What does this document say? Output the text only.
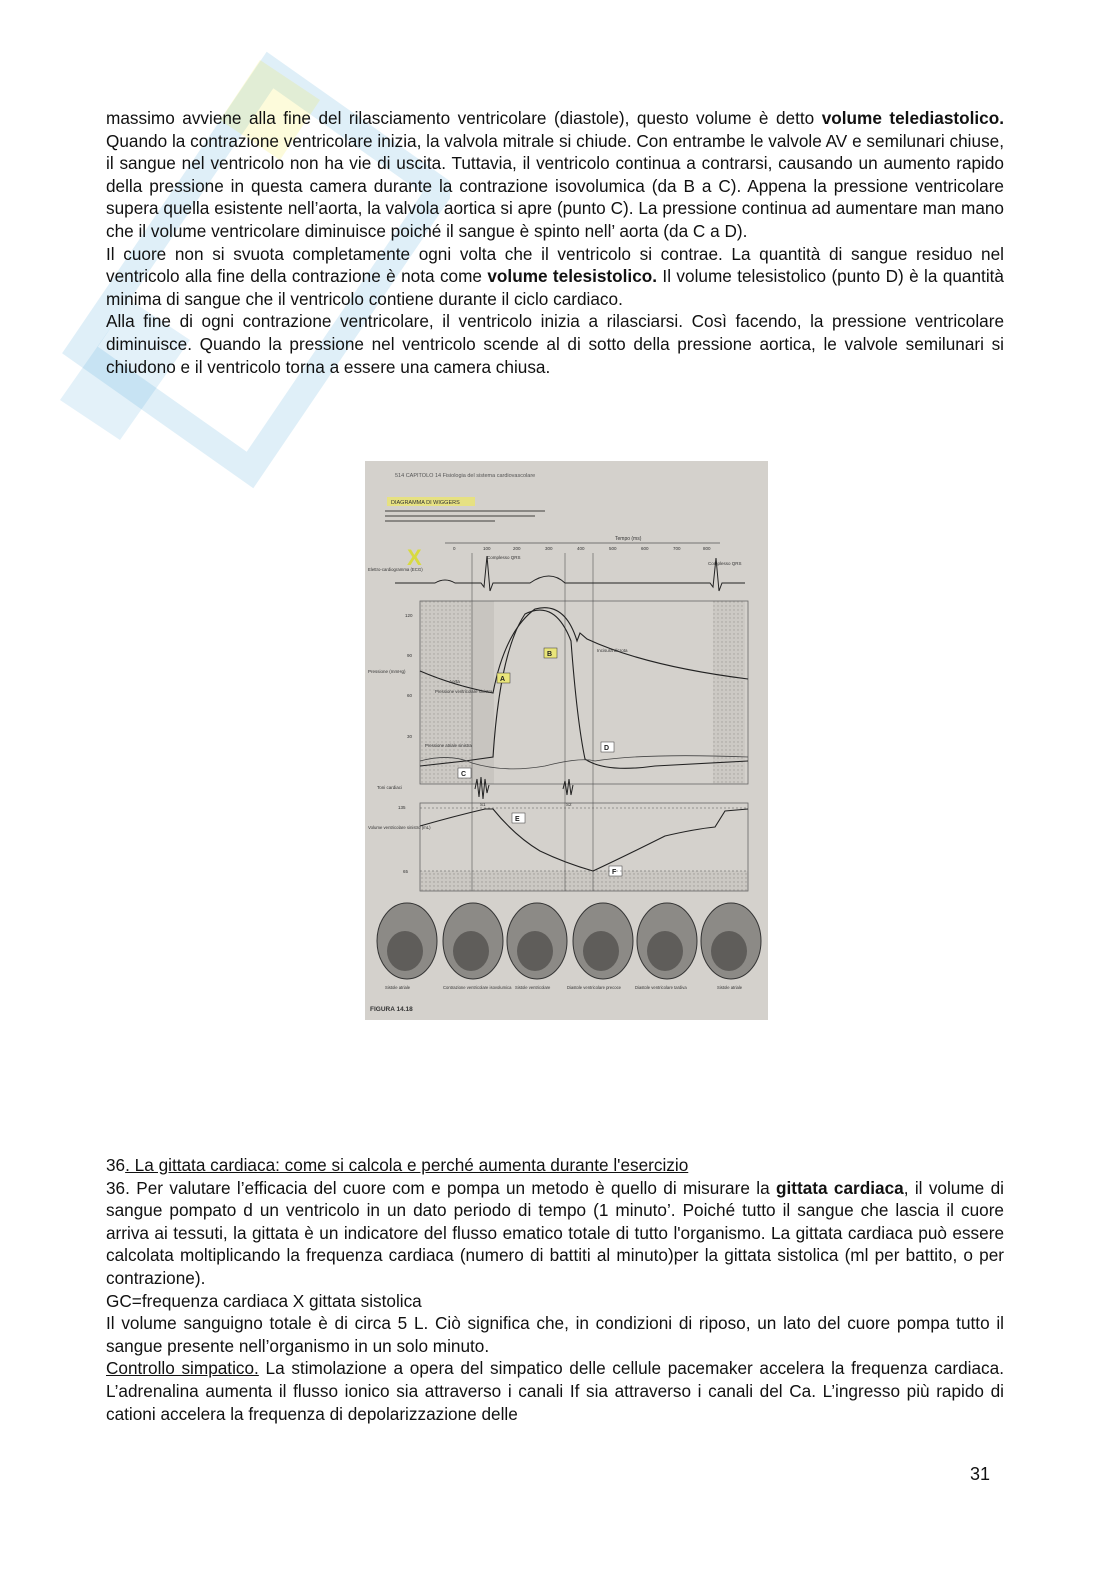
massimo avviene alla fine del rilasciamento ventricolare (diastole), questo volume è detto volume telediastolico. Quando la contrazione ventricolare inizia, la valvola mitrale si chiude. Con entrambe le valvole AV e semilunari chiuse, il sangue nel ventricolo non ha vie di uscita. Tuttavia, il ventricolo continua a contrarsi, causando un aumento rapido della pressione in questa camera durante la contrazione isovolumica (da B a C). Appena la pressione ventricolare supera quella esistente nell’aorta, la valvola aortica si apre (punto C). La pressione continua ad aumentare man mano che il volume ventricolare diminuisce poiché il sangue è spinto nell’ aorta (da C a D).

Il cuore non si svuota completamente ogni volta che il ventricolo si contrae. La quantità di sangue residuo nel ventricolo alla fine della contrazione è nota come volume telesistolico. Il volume telesistolico (punto D) è la quantità minima di sangue che il ventricolo contiene durante il ciclo cardiaco.

Alla fine di ogni contrazione ventricolare, il ventricolo inizia a rilasciarsi. Così facendo, la pressione ventricolare diminuisce. Quando la pressione nel ventricolo scende al di sotto della pressione aortica, le valvole semilunari si chiudono e il ventricolo torna a essere una camera chiusa.

514 CAPITOLO 14 Fisiologia del sistema cardiovascolare
DIAGRAMMA DI WIGGERS
X
Tempo (ms)
0	100	200	300	400	500	600	700	800
Elettro-cardiogramma (ECG)
Complesso QRS
Complesso QRS
Pressione (mmHg)
120
90
60
30
Aorta
Incisura dicrota
Pressione ventricolare sinistra
Pressione atriale sinistra
A
B
C
D
E
F
Toni cardiaci
S1	S2
Volume ventricolare sinistro (mL)
135
65
Sistole atriale	Contrazione ventricolare isovolumica Sistole ventricolare	Diastole ventricolare precoce	Diastole ventricolare tardiva	Sistole atriale
FIGURA 14.18

36. La gittata cardiaca: come si calcola e perché aumenta durante l'esercizio

36. Per valutare l’efficacia del cuore com e pompa un metodo è quello di misurare la gittata cardiaca, il volume di sangue pompato d un ventricolo in un dato periodo di tempo (1 minuto’. Poiché tutto il sangue che lascia il cuore arriva ai tessuti, la gittata è un indicatore del flusso ematico totale di tutto l'organismo. La gittata cardiaca può essere calcolata moltiplicando la frequenza cardiaca (numero di battiti al minuto)per la gittata sistolica (ml per battito, o per contrazione).

GC=frequenza cardiaca X gittata sistolica

Il volume sanguigno totale è di circa 5 L. Ciò significa che, in condizioni di riposo, un lato del cuore pompa tutto il sangue presente nell’organismo in un solo minuto.

Controllo simpatico. La stimolazione a opera del simpatico delle cellule pacemaker accelera la frequenza cardiaca. L’adrenalina aumenta il flusso ionico sia attraverso i canali If sia attraverso i canali del Ca. L’ingresso più rapido di cationi accelera la frequenza di depolarizzazione delle

31
